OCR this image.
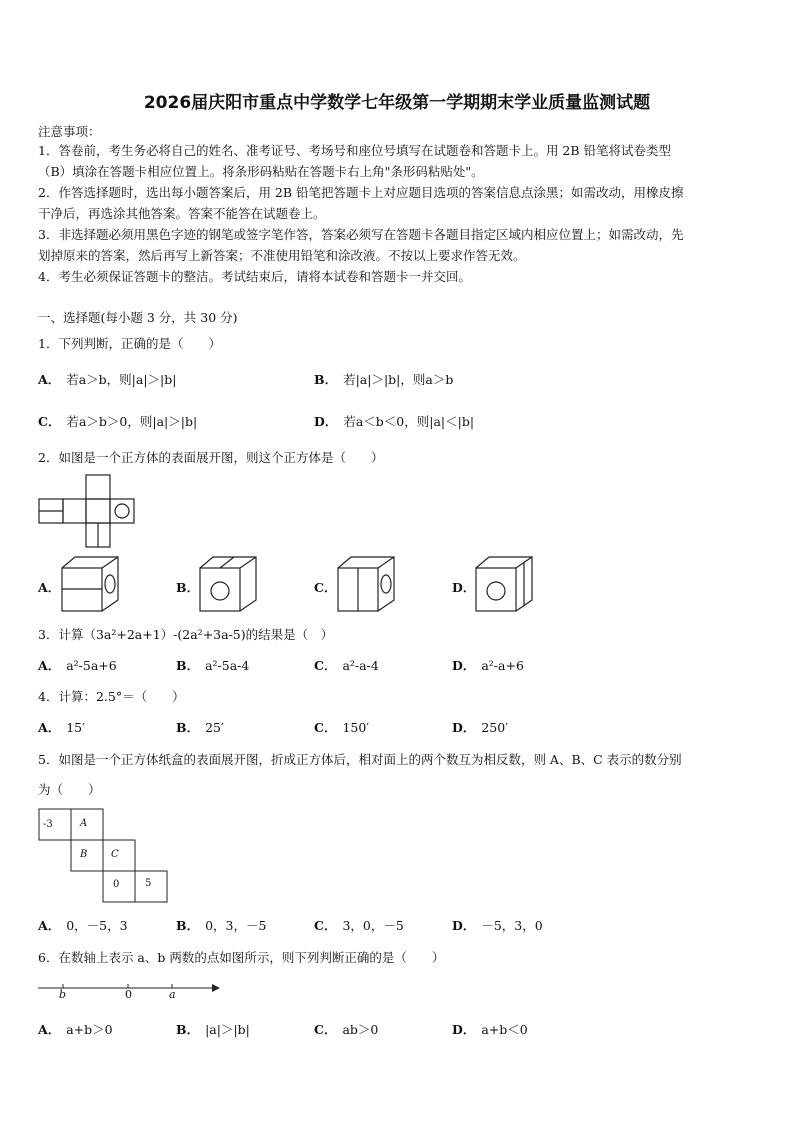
2026届庆阳市重点中学数学七年级第一学期期末学业质量监测试题
注意事项：
1．答卷前，考生务必将自己的姓名、准考证号、考场号和座位号填写在试题卷和答题卡上。用 2B 铅笔将试卷类型
（B）填涂在答题卡相应位置上。将条形码粘贴在答题卡右上角"条形码粘贴处"。
2．作答选择题时，选出每小题答案后，用 2B 铅笔把答题卡上对应题目选项的答案信息点涂黑；如需改动，用橡皮擦
干净后，再选涂其他答案。答案不能答在试题卷上。
3．非选择题必须用黑色字迹的钢笔或签字笔作答，答案必须写在答题卡各题目指定区域内相应位置上；如需改动，先
划掉原来的答案，然后再写上新答案；不准使用铅笔和涂改液。不按以上要求作答无效。
4．考生必须保证答题卡的整洁。考试结束后，请将本试卷和答题卡一并交回。
一、选择题(每小题 3 分，共 30 分)
1．下列判断，正确的是（　　）
A． 若a＞b，则|a|＞|b|	B． 若|a|＞|b|，则a＞b
C． 若a＞b＞0，则|a|＞|b|	D． 若a＜b＜0，则|a|＜|b|
2．如图是一个正方体的表面展开图，则这个正方体是（　　）
A．	B．	C．	D．
3．计算（3a²+2a+1）-(2a²+3a-5)的结果是（　）
A． a²-5a+6	B． a²-5a-4	C． a²-a-4	D． a²-a+6
4．计算：2.5°＝（　　）
A． 15′	B． 25′	C． 150′	D． 250′
5．如图是一个正方体纸盒的表面展开图，折成正方体后，相对面上的两个数互为相反数，则 A、B、C 表示的数分别
为（　　）
-3	A
B C
0	5
A． 0，－5，3	B． 0，3，－5	C． 3，0，－5	D． －5，3，0
6．在数轴上表示 a、b 两数的点如图所示，则下列判断正确的是（　　）
b	0	a
A． a+b＞0	B． |a|＞|b|	C． ab＞0	D． a+b＜0
